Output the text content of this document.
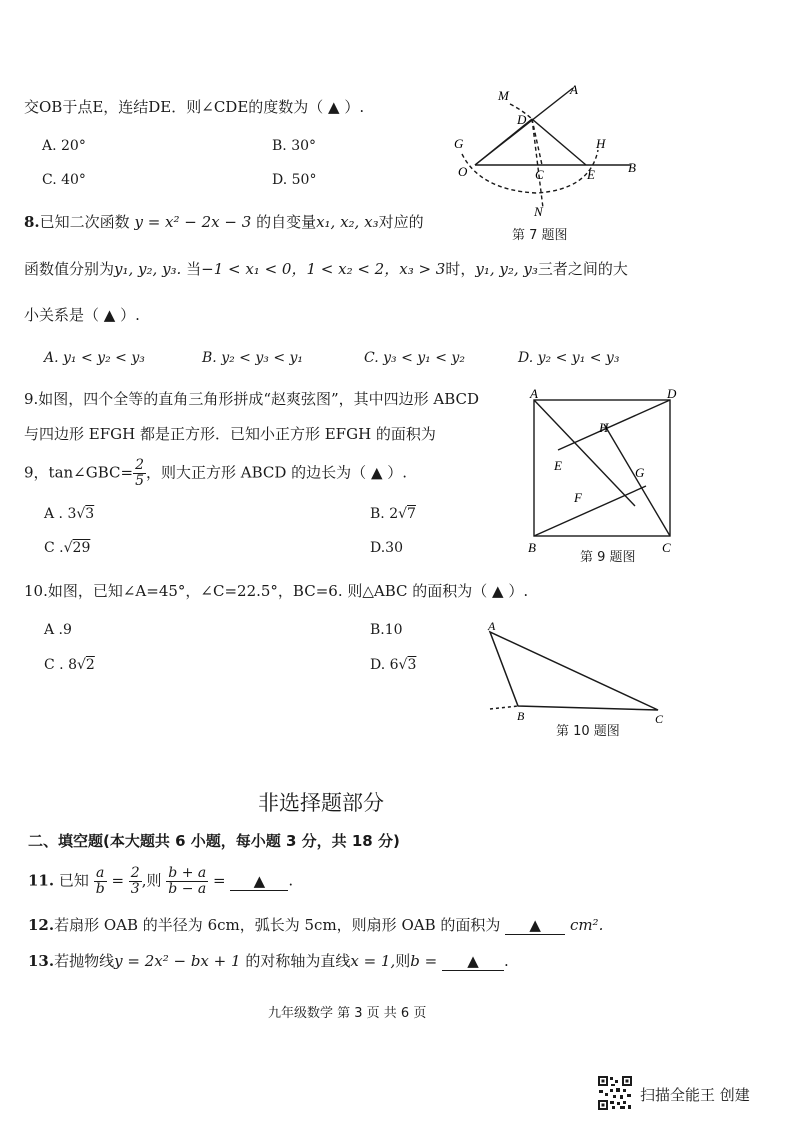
交OB于点E，连结DE．则∠CDE的度数为（ ▲ ）.
A. 20°	B. 30°
C. 40°	D. 50°
M	A
D
G	H
O	C	E	B
N
第 7 题图
8.已知二次函数 y = x² − 2x − 3 的自变量x₁, x₂, x₃对应的
函数值分别为y₁, y₂, y₃. 当−1 < x₁ < 0，1 < x₂ < 2，x₃ > 3时，y₁, y₂, y₃三者之间的大
小关系是（ ▲ ）.
A. y₁ < y₂ < y₃	B. y₂ < y₃ < y₁	C. y₃ < y₁ < y₂	D. y₂ < y₁ < y₃
9.如图，四个全等的直角三角形拼成“赵爽弦图”，其中四边形 ABCD
与四边形 EFGH 都是正方形．已知小正方形 EFGH 的面积为
9，tan∠GBC= $\frac{2}{5}$ ，则大正方形 ABCD 的边长为（ ▲ ）.
A . 3√3	B. 2√7
C .√29	D.30
A	D
H
E	G
F
B	C
第 9 题图
10.如图，已知∠A=45°，∠C=22.5°，BC=6. 则△ABC 的面积为（ ▲ ）.
A .9	B.10
C . 8√2	D. 6√3
A
B	C
第 10 题图
非选择题部分
二、填空题(本大题共 6 小题，每小题 3 分，共 18 分)
11. 已知 $\frac{a}{b} = \frac{2}{3}$ ,则 $\frac{b + a}{b - a}$ = ▲ .
12.若扇形 OAB 的半径为 6cm，弧长为 5cm，则扇形 OAB 的面积为 ▲ cm².
13.若抛物线y = 2x² − bx + 1 的对称轴为直线x = 1,则b = ▲ .
九年级数学 第 3 页 共 6 页
扫描全能王 创建
